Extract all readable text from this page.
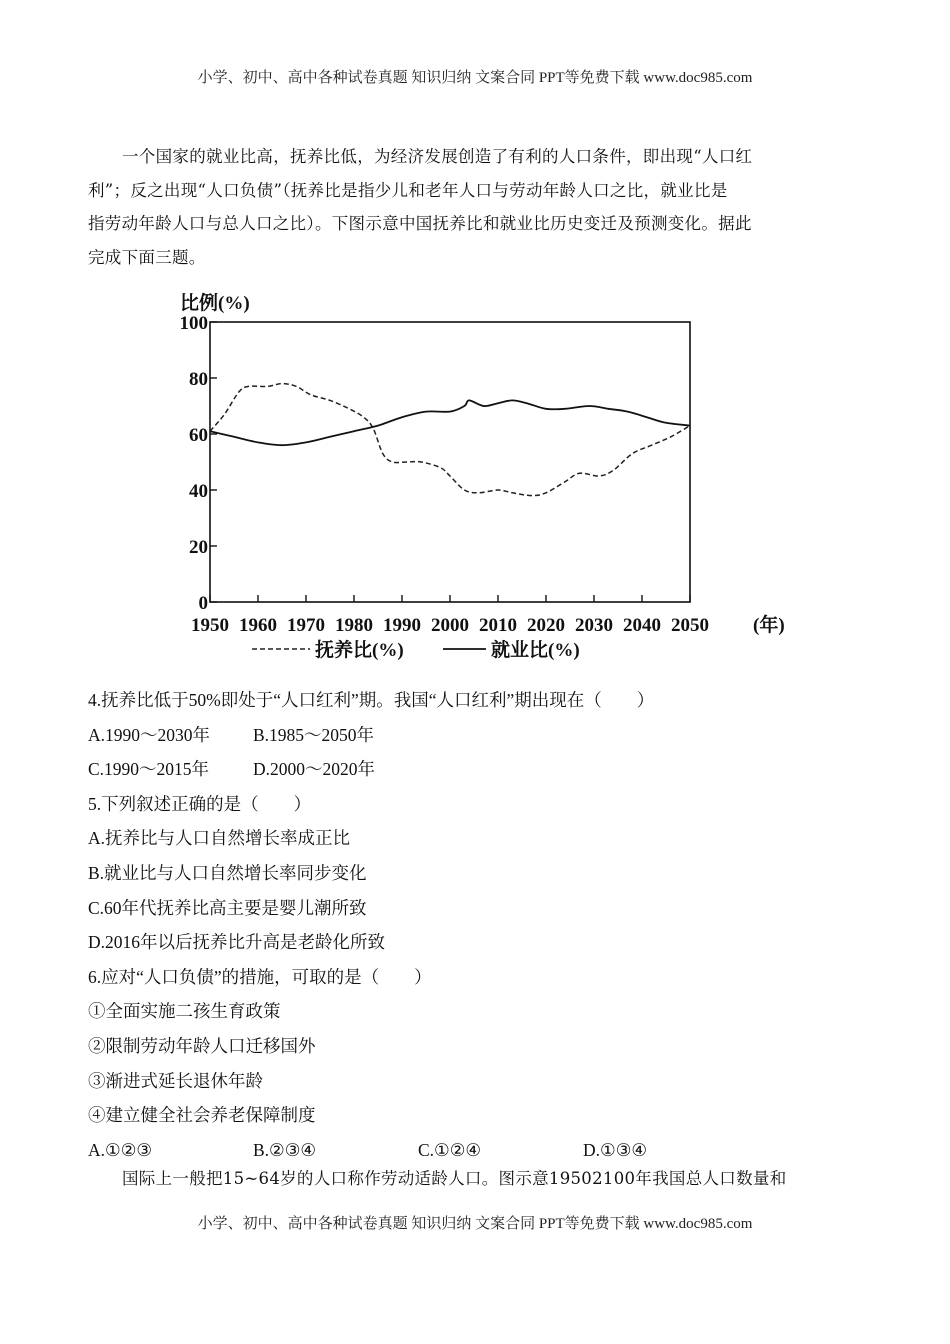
小学、初中、高中各种试卷真题 知识归纳 文案合同 PPT等免费下载 www.doc985.com
一个国家的就业比高，抚养比低，为经济发展创造了有利的人口条件，即出现“人口红
利”；反之出现“人口负债”（抚养比是指少儿和老年人口与劳动年龄人口之比，就业比是
指劳动年龄人口与总人口之比）。下图示意中国抚养比和就业比历史变迁及预测变化。据此
完成下面三题。
比例(%)
0
20
40
60
80
100
1950 1960 1970 1980 1990 2000 2010 2020 2030 2040 2050 (年)
抚养比(%)	就业比(%)
4.抚养比低于50%即处于“人口红利”期。我国“人口红利”期出现在（　　）
A.1990～2030年 B.1985～2050年
C.1990～2015年	D.2000～2020年
5.下列叙述正确的是（　　）
A.抚养比与人口自然增长率成正比
B.就业比与人口自然增长率同步变化
C.60年代抚养比高主要是婴儿潮所致
D.2016年以后抚养比升高是老龄化所致
6.应对“人口负债”的措施，可取的是（　　）
①全面实施二孩生育政策
②限制劳动年龄人口迁移国外
③渐进式延长退休年龄
④建立健全社会养老保障制度
A.①②③	B.②③④	C.①②④	D.①③④
国际上一般把15~64岁的人口称作劳动适龄人口。图示意19502100年我国总人口数量和
小学、初中、高中各种试卷真题 知识归纳 文案合同 PPT等免费下载 www.doc985.com
